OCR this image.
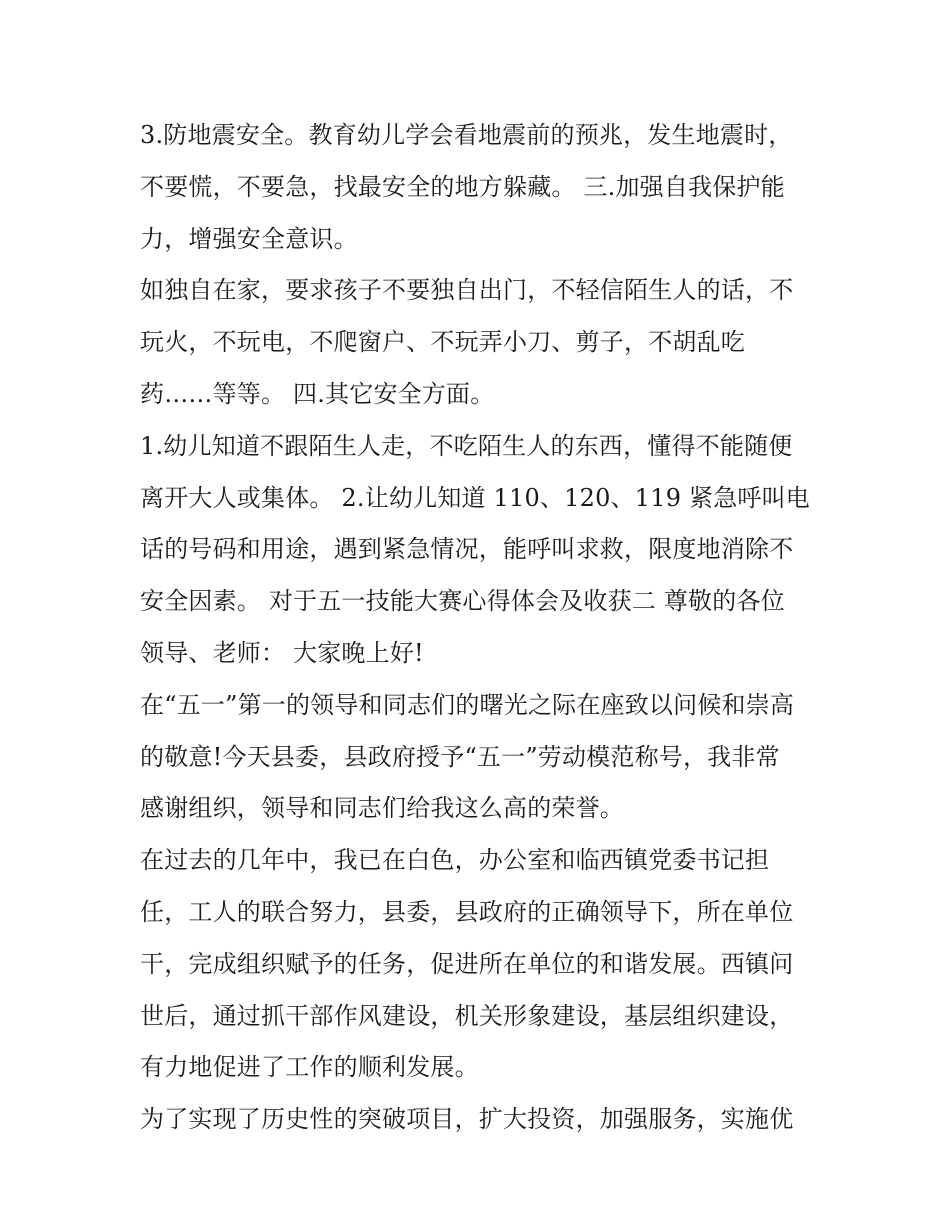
3.防地震安全。教育幼儿学会看地震前的预兆，发生地震时，
不要慌，不要急，找最安全的地方躲藏。 三.加强自我保护能
力，增强安全意识。
如独自在家，要求孩子不要独自出门，不轻信陌生人的话，不
玩火，不玩电，不爬窗户、不玩弄小刀、剪子，不胡乱吃
药……等等。 四.其它安全方面。
1.幼儿知道不跟陌生人走，不吃陌生人的东西，懂得不能随便
离开大人或集体。 2.让幼儿知道 110、120、119 紧急呼叫电
话的号码和用途，遇到紧急情况，能呼叫求救，限度地消除不
安全因素。 对于五一技能大赛心得体会及收获二 尊敬的各位
领导、老师： 大家晚上好!
在“五一”第一的领导和同志们的曙光之际在座致以问候和崇高
的敬意!今天县委，县政府授予“五一”劳动模范称号，我非常
感谢组织，领导和同志们给我这么高的荣誉。
在过去的几年中，我已在白色，办公室和临西镇党委书记担
任，工人的联合努力，县委，县政府的正确领导下，所在单位
干，完成组织赋予的任务，促进所在单位的和谐发展。西镇问
世后，通过抓干部作风建设，机关形象建设，基层组织建设，
有力地促进了工作的顺利发展。
为了实现了历史性的突破项目，扩大投资，加强服务，实施优
